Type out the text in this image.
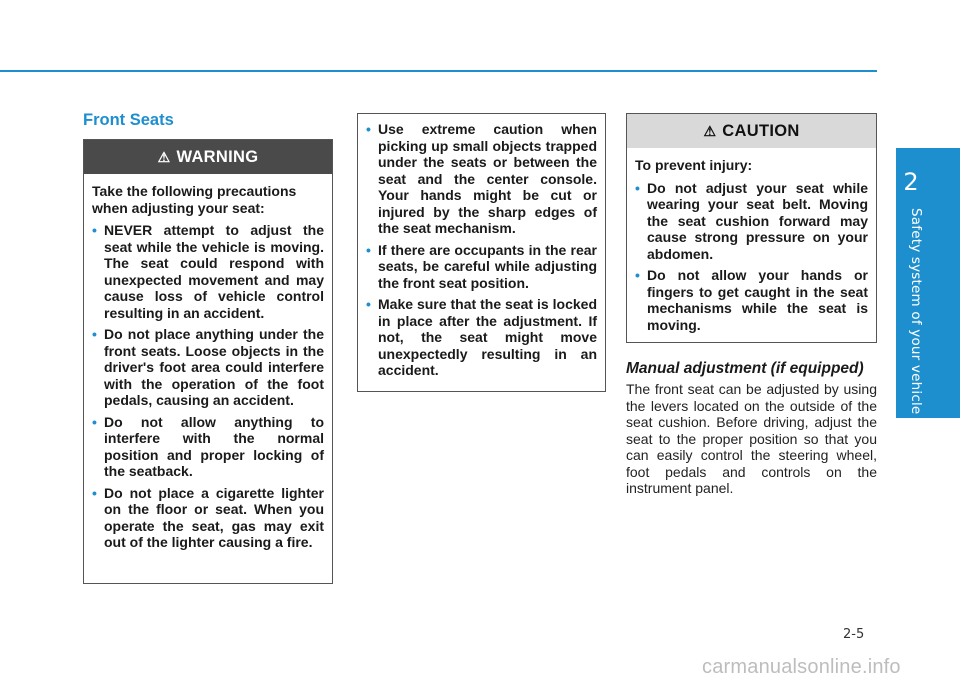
2
Safety system of your vehicle
Front Seats
⚠ WARNING
Take the following precautions when adjusting your seat:
• NEVER attempt to adjust the seat while the vehicle is moving. The seat could respond with unexpected movement and may cause loss of vehicle control resulting in an accident.
• Do not place anything under the front seats. Loose objects in the driver's foot area could interfere with the operation of the foot pedals, causing an accident.
• Do not allow anything to interfere with the normal position and proper locking of the seatback.
• Do not place a cigarette lighter on the floor or seat. When you operate the seat, gas may exit out of the lighter causing a fire.
• Use extreme caution when picking up small objects trapped under the seats or between the seat and the center console. Your hands might be cut or injured by the sharp edges of the seat mechanism.
• If there are occupants in the rear seats, be careful while adjusting the front seat position.
• Make sure that the seat is locked in place after the adjustment. If not, the seat might move unexpectedly resulting in an accident.
⚠ CAUTION
To prevent injury:
• Do not adjust your seat while wearing your seat belt. Moving the seat cushion forward may cause strong pressure on your abdomen.
• Do not allow your hands or fingers to get caught in the seat mechanisms while the seat is moving.
Manual adjustment (if equipped)
The front seat can be adjusted by using the levers located on the outside of the seat cushion. Before driving, adjust the seat to the proper position so that you can easily control the steering wheel, foot pedals and controls on the instrument panel.
2-5
carmanualsonline.info
